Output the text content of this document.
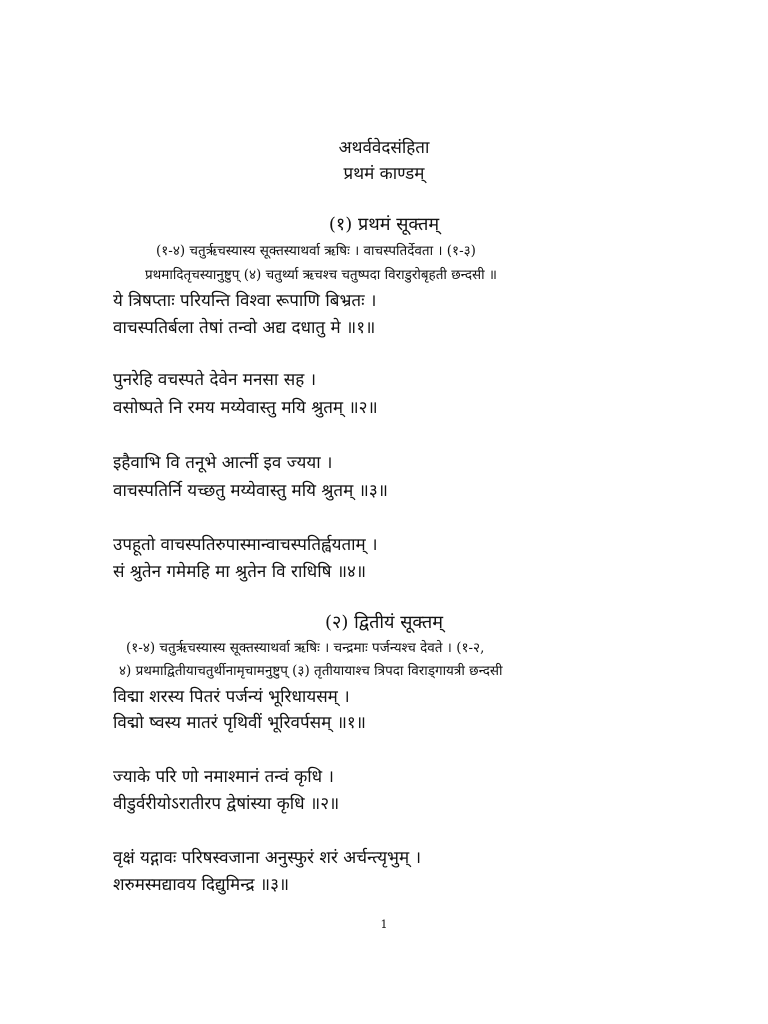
अथर्ववेदसंहिता
प्रथमं काण्डम्
(१) प्रथमं सूक्तम्
(१-४) चतुरृचस्यास्य सूक्तस्याथर्वा ऋषिः । वाचस्पतिर्देवता । (१-३)
प्रथमादितृचस्यानुष्टुप् (४) चतुर्थ्या ऋचश्च चतुष्पदा विराडुरोबृहती छन्दसी ॥
ये त्रिषप्ताः परियन्ति विश्वा रूपाणि बिभ्रतः ।
वाचस्पतिर्बला तेषां तन्वो अद्य दधातु मे ॥१॥
पुनरेहि वचस्पते देवेन मनसा सह ।
वसोष्पते नि रमय मय्येवास्तु मयि श्रुतम् ॥२॥
इहैवाभि वि तनूभे आर्त्नी इव ज्यया ।
वाचस्पतिर्नि यच्छतु मय्येवास्तु मयि श्रुतम् ॥३॥
उपहूतो वाचस्पतिरुपास्मान्वाचस्पतिर्ह्वयताम् ।
सं श्रुतेन गमेमहि मा श्रुतेन वि राधिषि ॥४॥
(२) द्वितीयं सूक्तम्
(१-४) चतुरृचस्यास्य सूक्तस्याथर्वा ऋषिः । चन्द्रमाः पर्जन्यश्च देवते । (१-२,
४) प्रथमाद्वितीयाचतुर्थीनामृचामनुष्टुप् (३) तृतीयायाश्च त्रिपदा विराड्गायत्री छन्दसी
विद्मा शरस्य पितरं पर्जन्यं भूरिधायसम् ।
विद्मो ष्वस्य मातरं पृथिवीं भूरिवर्पसम् ॥१॥
ज्याके परि णो नमाश्मानं तन्वं कृधि ।
वीडुर्वरीयोऽरातीरप द्वेषांस्या कृधि ॥२॥
वृक्षं यद्गावः परिषस्वजाना अनुस्फुरं शरं अर्चन्त्यृभुम् ।
शरुमस्मद्यावय दिद्युमिन्द्र ॥३॥
1
